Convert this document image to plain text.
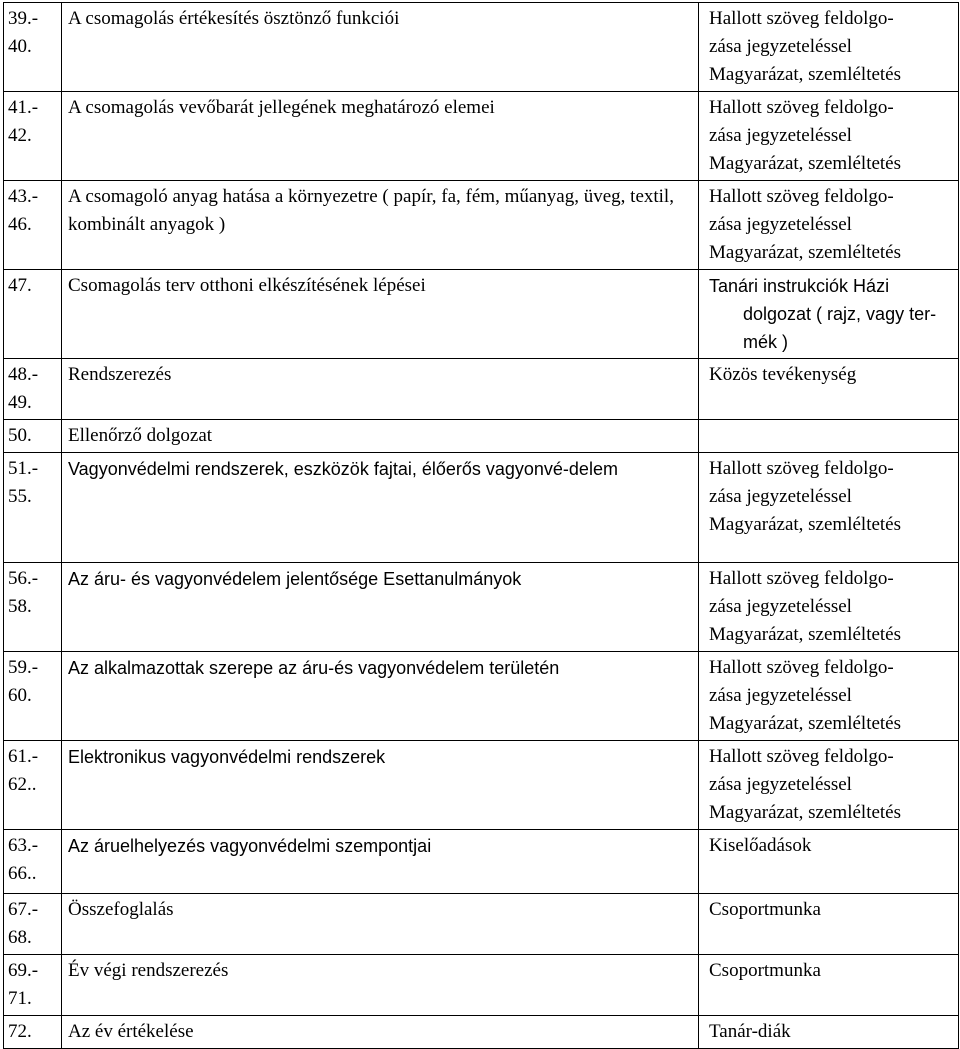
39.- 40.	A csomagolás értékesítés ösztönző funkciói	Hallott szöveg feldolgo-
zása jegyzeteléssel
Magyarázat, szemléltetés

41.- 42.	A csomagolás vevőbarát jellegének meghatározó elemei	Hallott szöveg feldolgo-
zása jegyzeteléssel
Magyarázat, szemléltetés

43.- 46.	A csomagoló anyag hatása a környezetre ( papír, fa, fém, műanyag, üveg, textil, kombinált anyagok )	Hallott szöveg feldolgo-
zása jegyzeteléssel
Magyarázat, szemléltetés

47.	Csomagolás terv otthoni elkészítésének lépései	Tanári instrukciók Házi
dolgozat ( rajz, vagy ter-
mék )

48.- 49.	Rendszerezés	Közös tevékenység

50.	Ellenőrző dolgozat	
51.- 55.	Vagyonvédelmi rendszerek, eszközök fajtai, élőerős vagyonvé-delem	Hallott szöveg feldolgo-
zása jegyzeteléssel
Magyarázat, szemléltetés

56.- 58.	Az áru- és vagyonvédelem jelentősége Esettanulmányok	Hallott szöveg feldolgo-
zása jegyzeteléssel
Magyarázat, szemléltetés

59.- 60.	Az alkalmazottak szerepe az áru-és vagyonvédelem területén	Hallott szöveg feldolgo-
zása jegyzeteléssel
Magyarázat, szemléltetés

61.- 62..	Elektronikus vagyonvédelmi rendszerek	Hallott szöveg feldolgo-
zása jegyzeteléssel
Magyarázat, szemléltetés

63.- 66..	Az áruelhelyezés vagyonvédelmi szempontjai	Kiselőadások

67.- 68.	Összefoglalás	Csoportmunka

69.- 71.	Év végi rendszerezés	Csoportmunka

72.	Az év értékelése	Tanár-diák
